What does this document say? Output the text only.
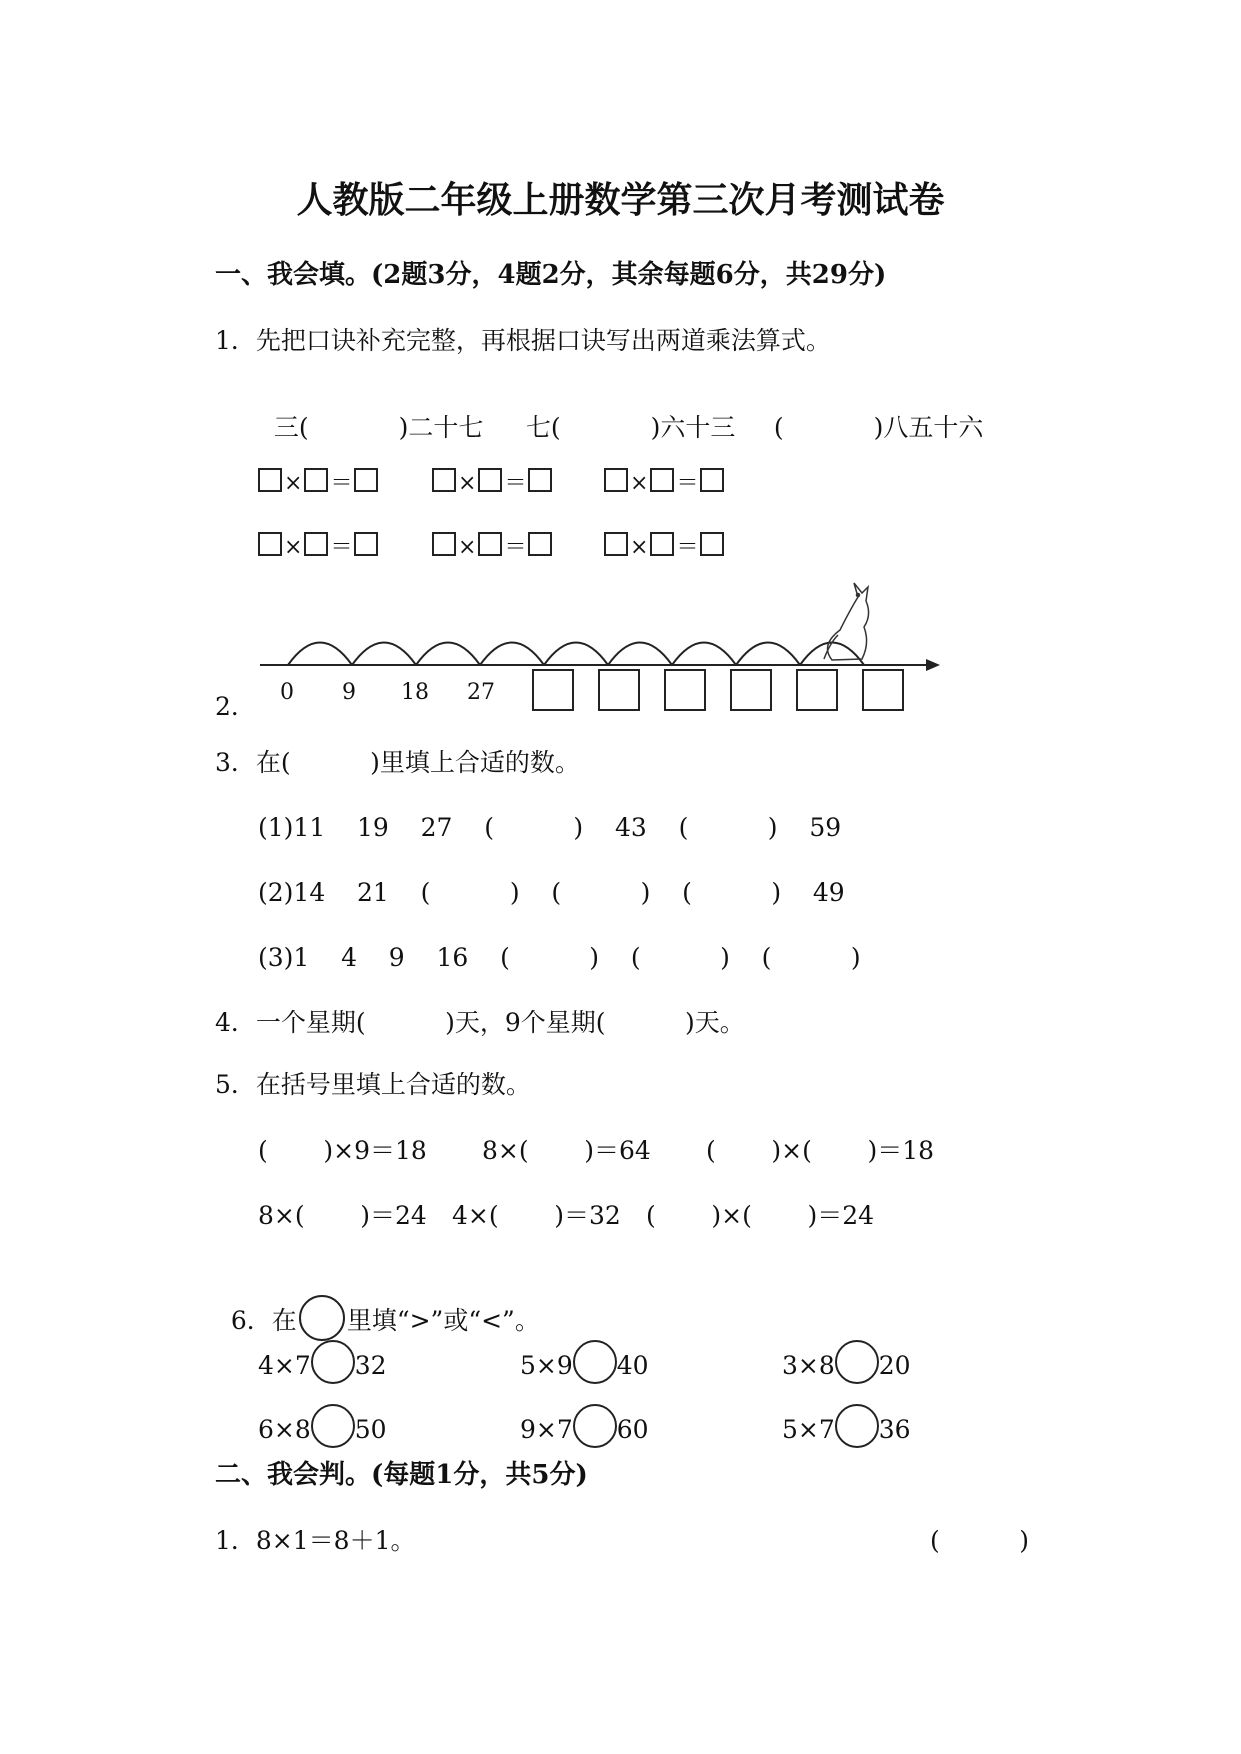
人教版二年级上册数学第三次月考测试卷
一、我会填。(2题3分，4题2分，其余每题6分，共29分)
1．先把口诀补充完整，再根据口诀写出两道乘法算式。

三(	)二十七	七(	)六十三	(	)八五十六

× ＝	× ＝	× ＝
× ＝	× ＝	× ＝
2． 0 9 18 27
3．在(          )里填上合适的数。
(1)11    19    27    (          )    43    (          )    59
(2)14    21    (          )    (          )    (          )    49
(3)1    4    9    16    (          )    (          )    (          )
4．一个星期(          )天，9个星期(          )天。
5．在括号里填上合适的数。
(       )×9＝18 8×(       )＝64 (       )×(       )＝18
8×(       )＝24 4×(       )＝32 (       )×(       )＝24

6．在 里填“>”或“<”。

4×7 32	5×9 40	3×8 20
6×8 50	9×7 60	5×7 36
二、我会判。(每题1分，共5分)
1．8×1＝8＋1。	(          )
